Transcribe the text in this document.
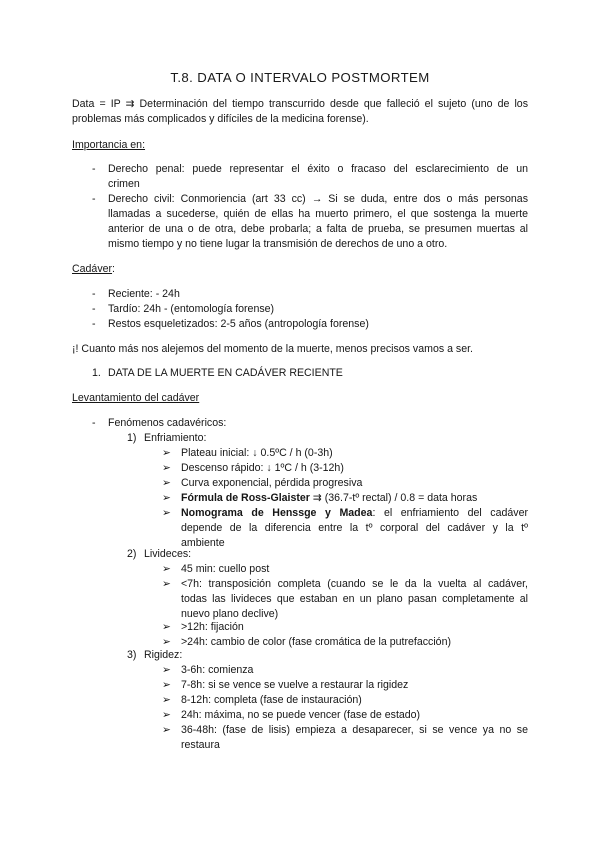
T.8. DATA O INTERVALO POSTMORTEM
Data = IP ⇉ Determinación del tiempo transcurrido desde que falleció el sujeto (uno de los
problemas más complicados y difíciles de la medicina forense).
Importancia en:
- Derecho penal: puede representar el éxito o fracaso del esclarecimiento de un
crimen
- Derecho civil: Conmoriencia (art 33 cc) → Si se duda, entre dos o más personas
llamadas a sucederse, quién de ellas ha muerto primero, el que sostenga la muerte
anterior de una o de otra, debe probarla; a falta de prueba, se presumen muertas al
mismo tiempo y no tiene lugar la transmisión de derechos de uno a otro.
Cadáver:
- Reciente: - 24h
- Tardío: 24h - (entomología forense)
- Restos esqueletizados: 2-5 años (antropología forense)
¡! Cuanto más nos alejemos del momento de la muerte, menos precisos vamos a ser.
1. DATA DE LA MUERTE EN CADÁVER RECIENTE
Levantamiento del cadáver
- Fenómenos cadavéricos:
1) Enfriamiento:
➢ Plateau inicial: ↓ 0.5ºC / h (0-3h)
➢ Descenso rápido: ↓ 1ºC / h (3-12h)
➢ Curva exponencial, pérdida progresiva
➢ Fórmula de Ross-Glaister ⇉ (36.7-tº rectal) / 0.8 = data horas
➢ Nomograma de Henssge y Madea: el enfriamiento del cadáver
depende de la diferencia entre la tº corporal del cadáver y la tº
ambiente
2) Livideces:
➢ 45 min: cuello post
➢ <7h: transposición completa (cuando se le da la vuelta al cadáver,
todas las livideces que estaban en un plano pasan completamente al
nuevo plano declive)
➢ >12h: fijación
➢ >24h: cambio de color (fase cromática de la putrefacción)
3) Rigidez:
➢ 3-6h: comienza
➢ 7-8h: si se vence se vuelve a restaurar la rigidez
➢ 8-12h: completa (fase de instauración)
➢ 24h: máxima, no se puede vencer (fase de estado)
➢ 36-48h: (fase de lisis) empieza a desaparecer, si se vence ya no se
restaura
